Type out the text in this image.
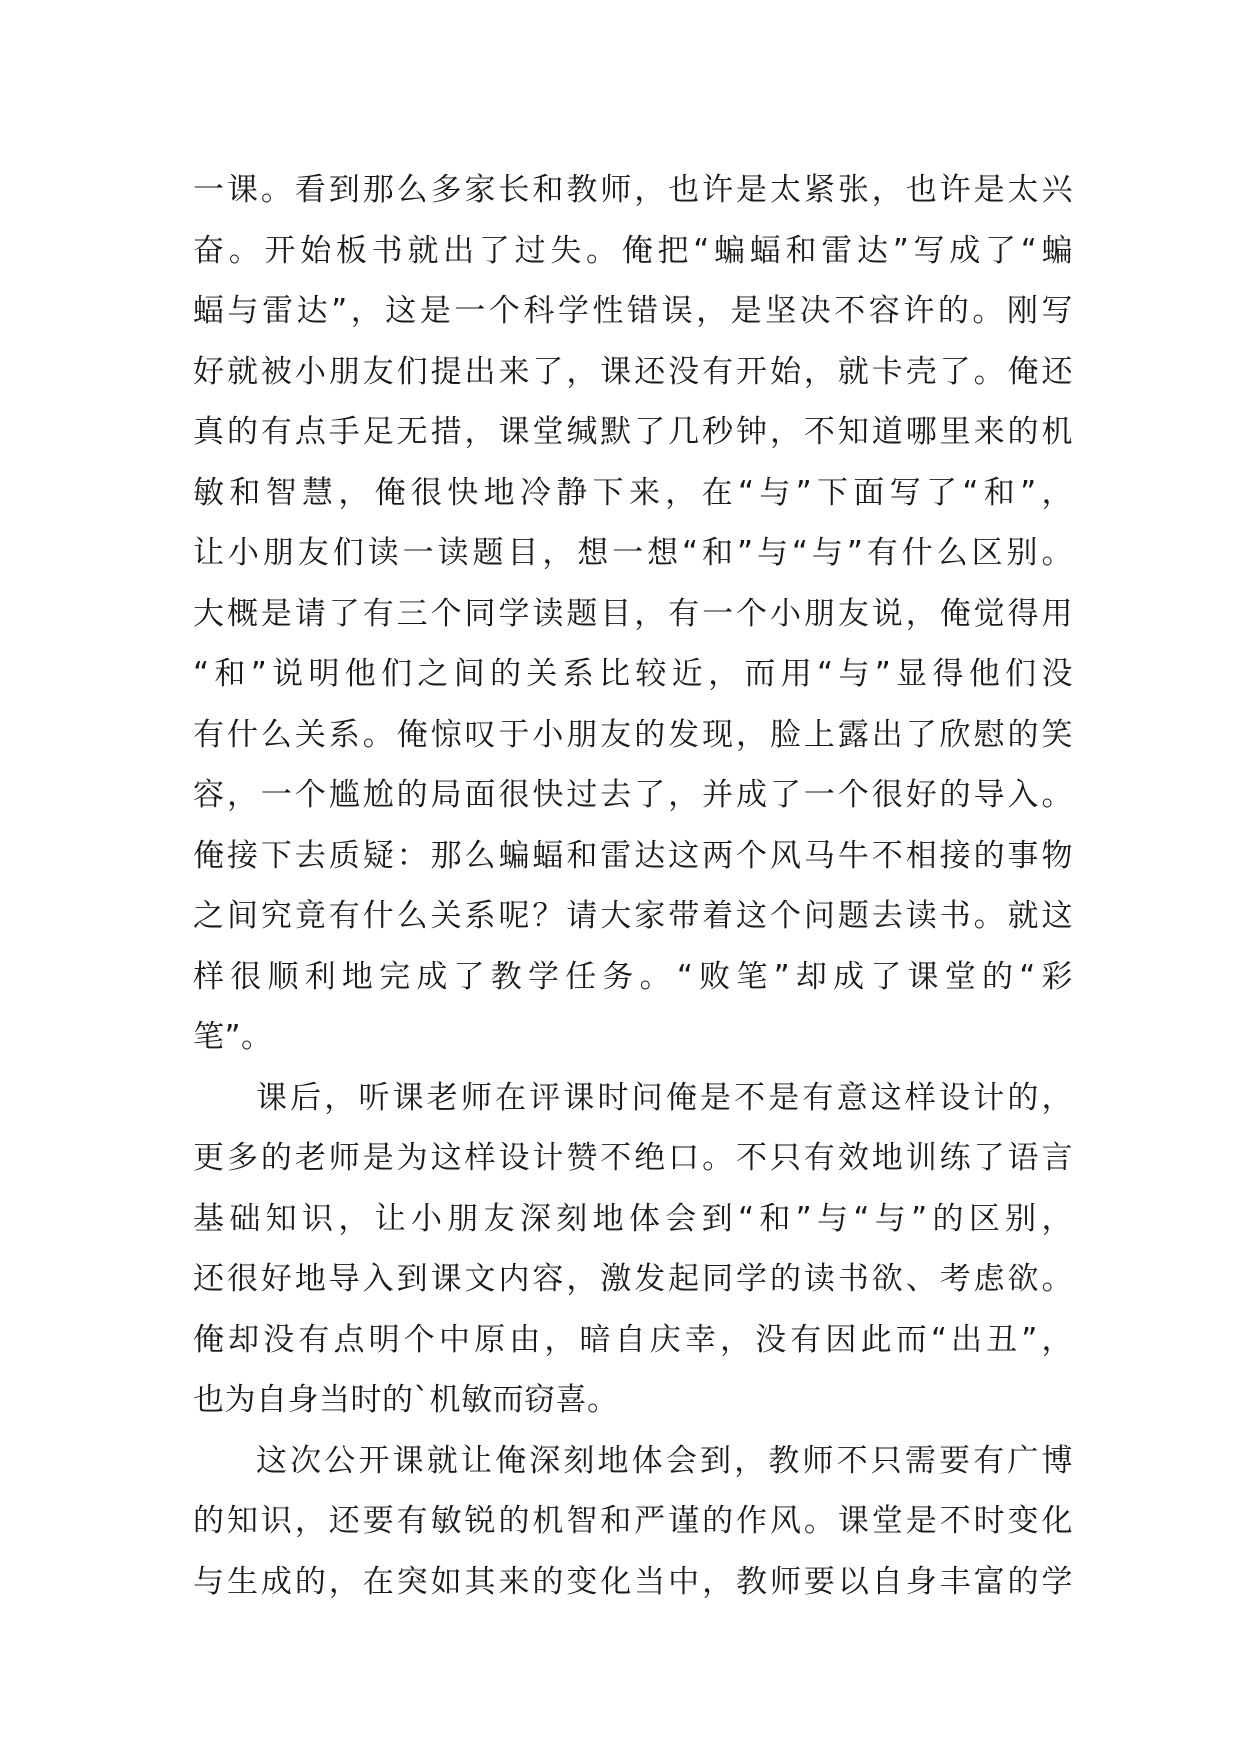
一课。看到那么多家长和教师，也许是太紧张，也许是太兴
奋。开始板书就出了过失。俺把“蝙蝠和雷达”写成了“蝙
蝠与雷达”，这是一个科学性错误，是坚决不容许的。刚写
好就被小朋友们提出来了，课还没有开始，就卡壳了。俺还
真的有点手足无措，课堂缄默了几秒钟，不知道哪里来的机
敏和智慧，俺很快地冷静下来，在“与”下面写了“和”，
让小朋友们读一读题目，想一想“和”与“与”有什么区别。
大概是请了有三个同学读题目，有一个小朋友说，俺觉得用
“和”说明他们之间的关系比较近，而用“与”显得他们没
有什么关系。俺惊叹于小朋友的发现，脸上露出了欣慰的笑
容，一个尴尬的局面很快过去了，并成了一个很好的导入。
俺接下去质疑：那么蝙蝠和雷达这两个风马牛不相接的事物
之间究竟有什么关系呢？请大家带着这个问题去读书。就这
样很顺利地完成了教学任务。“败笔”却成了课堂的“彩
笔”。
课后，听课老师在评课时问俺是不是有意这样设计的，
更多的老师是为这样设计赞不绝口。不只有效地训练了语言
基础知识，让小朋友深刻地体会到“和”与“与”的区别，
还很好地导入到课文内容，激发起同学的读书欲、考虑欲。
俺却没有点明个中原由，暗自庆幸，没有因此而“出丑”，
也为自身当时的`机敏而窃喜。
这次公开课就让俺深刻地体会到，教师不只需要有广博
的知识，还要有敏锐的机智和严谨的作风。课堂是不时变化
与生成的，在突如其来的变化当中，教师要以自身丰富的学
